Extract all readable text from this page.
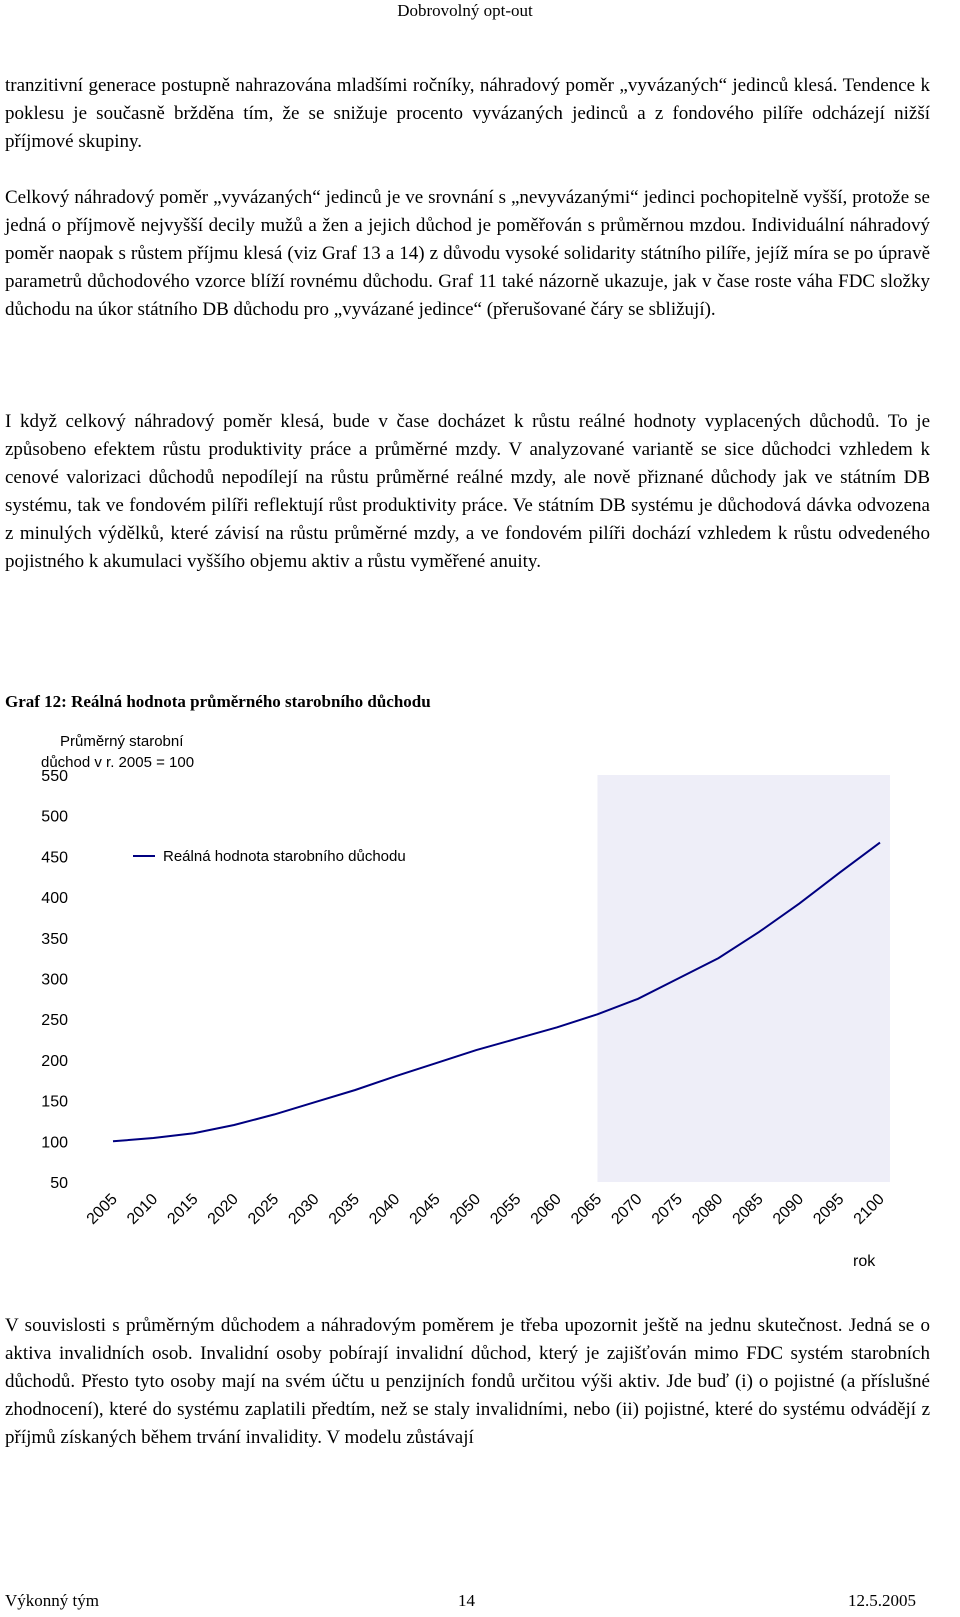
Dobrovolný opt-out

tranzitivní generace postupně nahrazována mladšími ročníky, náhradový poměr „vyvázaných“ jedinců klesá. Tendence k poklesu je současně bržděna tím, že se snižuje procento vyvázaných jedinců a z fondového pilíře odcházejí nižší příjmové skupiny.

Celkový náhradový poměr „vyvázaných“ jedinců je ve srovnání s „nevyvázanými“ jedinci pochopitelně vyšší, protože se jedná o příjmově nejvyšší decily mužů a žen a jejich důchod je poměřován s průměrnou mzdou. Individuální náhradový poměr naopak s růstem příjmu klesá (viz Graf 13 a 14) z důvodu vysoké solidarity státního pilíře, jejíž míra se po úpravě parametrů důchodového vzorce blíží rovnému důchodu. Graf 11 také názorně ukazuje, jak v čase roste váha FDC složky důchodu na úkor státního DB důchodu pro „vyvázané jedince“ (přerušované čáry se sbližují).

I když celkový náhradový poměr klesá, bude v čase docházet k růstu reálné hodnoty vyplacených důchodů. To je způsobeno efektem růstu produktivity práce a průměrné mzdy. V analyzované variantě se sice důchodci vzhledem k cenové valorizaci důchodů nepodílejí na růstu průměrné reálné mzdy, ale nově přiznané důchody jak ve státním DB systému, tak ve fondovém pilíři reflektují růst produktivity práce. Ve státním DB systému je důchodová dávka odvozena z minulých výdělků, které závisí na růstu průměrné mzdy, a ve fondovém pilíři dochází vzhledem k růstu odvedeného pojistného k akumulaci vyššího objemu aktiv a růstu vyměřené anuity.

Graf 12: Reálná hodnota průměrného starobního důchodu

Průměrný starobní
důchod v r. 2005 = 100
50
100
150
200
250
300
350
400
450
500
550
2005 2010 2015 2020 2025 2030 2035 2040 2045 2050 2055 2060 2065 2070 2075 2080 2085 2090 2095 2100
Reálná hodnota starobního důchodu
rok

V souvislosti s průměrným důchodem a náhradovým poměrem je třeba upozornit ještě na jednu skutečnost. Jedná se o aktiva invalidních osob. Invalidní osoby pobírají invalidní důchod, který je zajišťován mimo FDC systém starobních důchodů. Přesto tyto osoby mají na svém účtu u penzijních fondů určitou výši aktiv. Jde buď (i) o pojistné (a příslušné zhodnocení), které do systému zaplatili předtím, než se staly invalidními, nebo (ii) pojistné, které do systému odvádějí z příjmů získaných během trvání invalidity. V modelu zůstávají

Výkonný tým	14	12.5.2005
